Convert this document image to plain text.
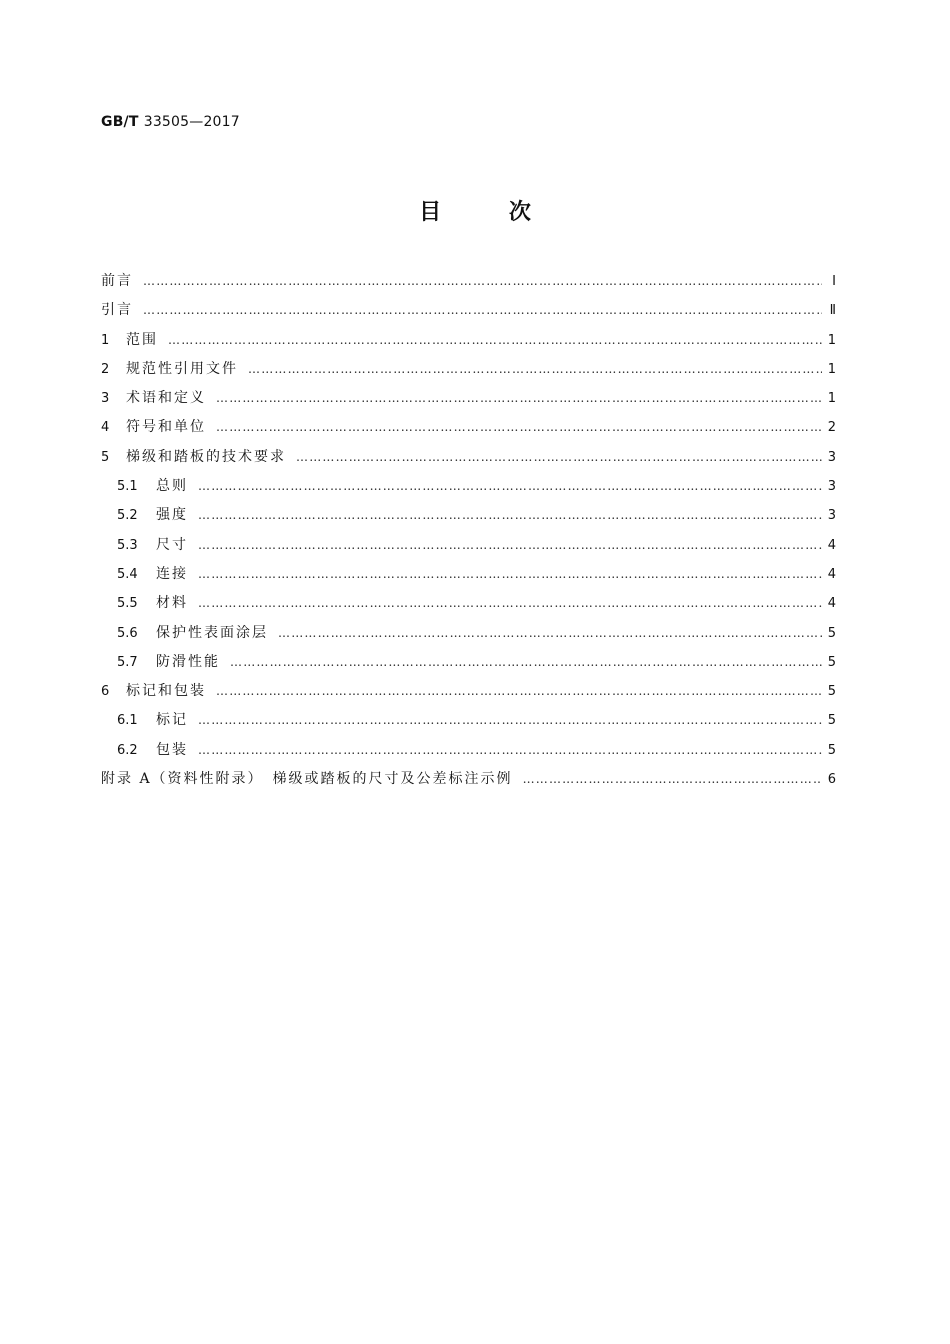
GB/T 33505—2017
目	次
前言 ……………………………………………………………………………………………………………………………………………………………………………………………………	Ⅰ
引言 ……………………………………………………………………………………………………………………………………………………………………………………………………	Ⅱ
1	范围 ……………………………………………………………………………………………………………………………………………………………………………………………………	1
2	规范性引用文件 ……………………………………………………………………………………………………………………………………………………………………………………………………	1
3	术语和定义 ……………………………………………………………………………………………………………………………………………………………………………………………………	1
4	符号和单位 ……………………………………………………………………………………………………………………………………………………………………………………………………	2
5	梯级和踏板的技术要求 ……………………………………………………………………………………………………………………………………………………………………………………………………	3
5.1	总则 ……………………………………………………………………………………………………………………………………………………………………………………………………	3
5.2	强度 ……………………………………………………………………………………………………………………………………………………………………………………………………	3
5.3	尺寸 ……………………………………………………………………………………………………………………………………………………………………………………………………	4
5.4	连接 ……………………………………………………………………………………………………………………………………………………………………………………………………	4
5.5	材料 ……………………………………………………………………………………………………………………………………………………………………………………………………	4
5.6	保护性表面涂层 ……………………………………………………………………………………………………………………………………………………………………………………………………	5
5.7	防滑性能 ……………………………………………………………………………………………………………………………………………………………………………………………………	5
6	标记和包装 ……………………………………………………………………………………………………………………………………………………………………………………………………	5
6.1	标记 ……………………………………………………………………………………………………………………………………………………………………………………………………	5
6.2	包装 ……………………………………………………………………………………………………………………………………………………………………………………………………	5
附录 A（资料性附录）　梯级或踏板的尺寸及公差标注示例 ……………………………………………………………………………………………………………………………………………………………………………………………………	6
